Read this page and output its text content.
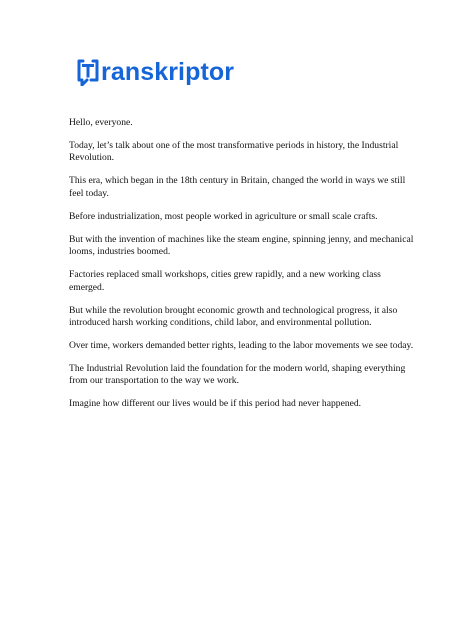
ranskriptor

Hello, everyone.

Today, let’s talk about one of the most transformative periods in history, the Industrial Revolution.

This era, which began in the 18th century in Britain, changed the world in ways we still feel today.

Before industrialization, most people worked in agriculture or small scale crafts.

But with the invention of machines like the steam engine, spinning jenny, and mechanical looms, industries boomed.

Factories replaced small workshops, cities grew rapidly, and a new working class emerged.

But while the revolution brought economic growth and technological progress, it also introduced harsh working conditions, child labor, and environmental pollution.

Over time, workers demanded better rights, leading to the labor movements we see today.

The Industrial Revolution laid the foundation for the modern world, shaping everything from our transportation to the way we work.

Imagine how different our lives would be if this period had never happened.
